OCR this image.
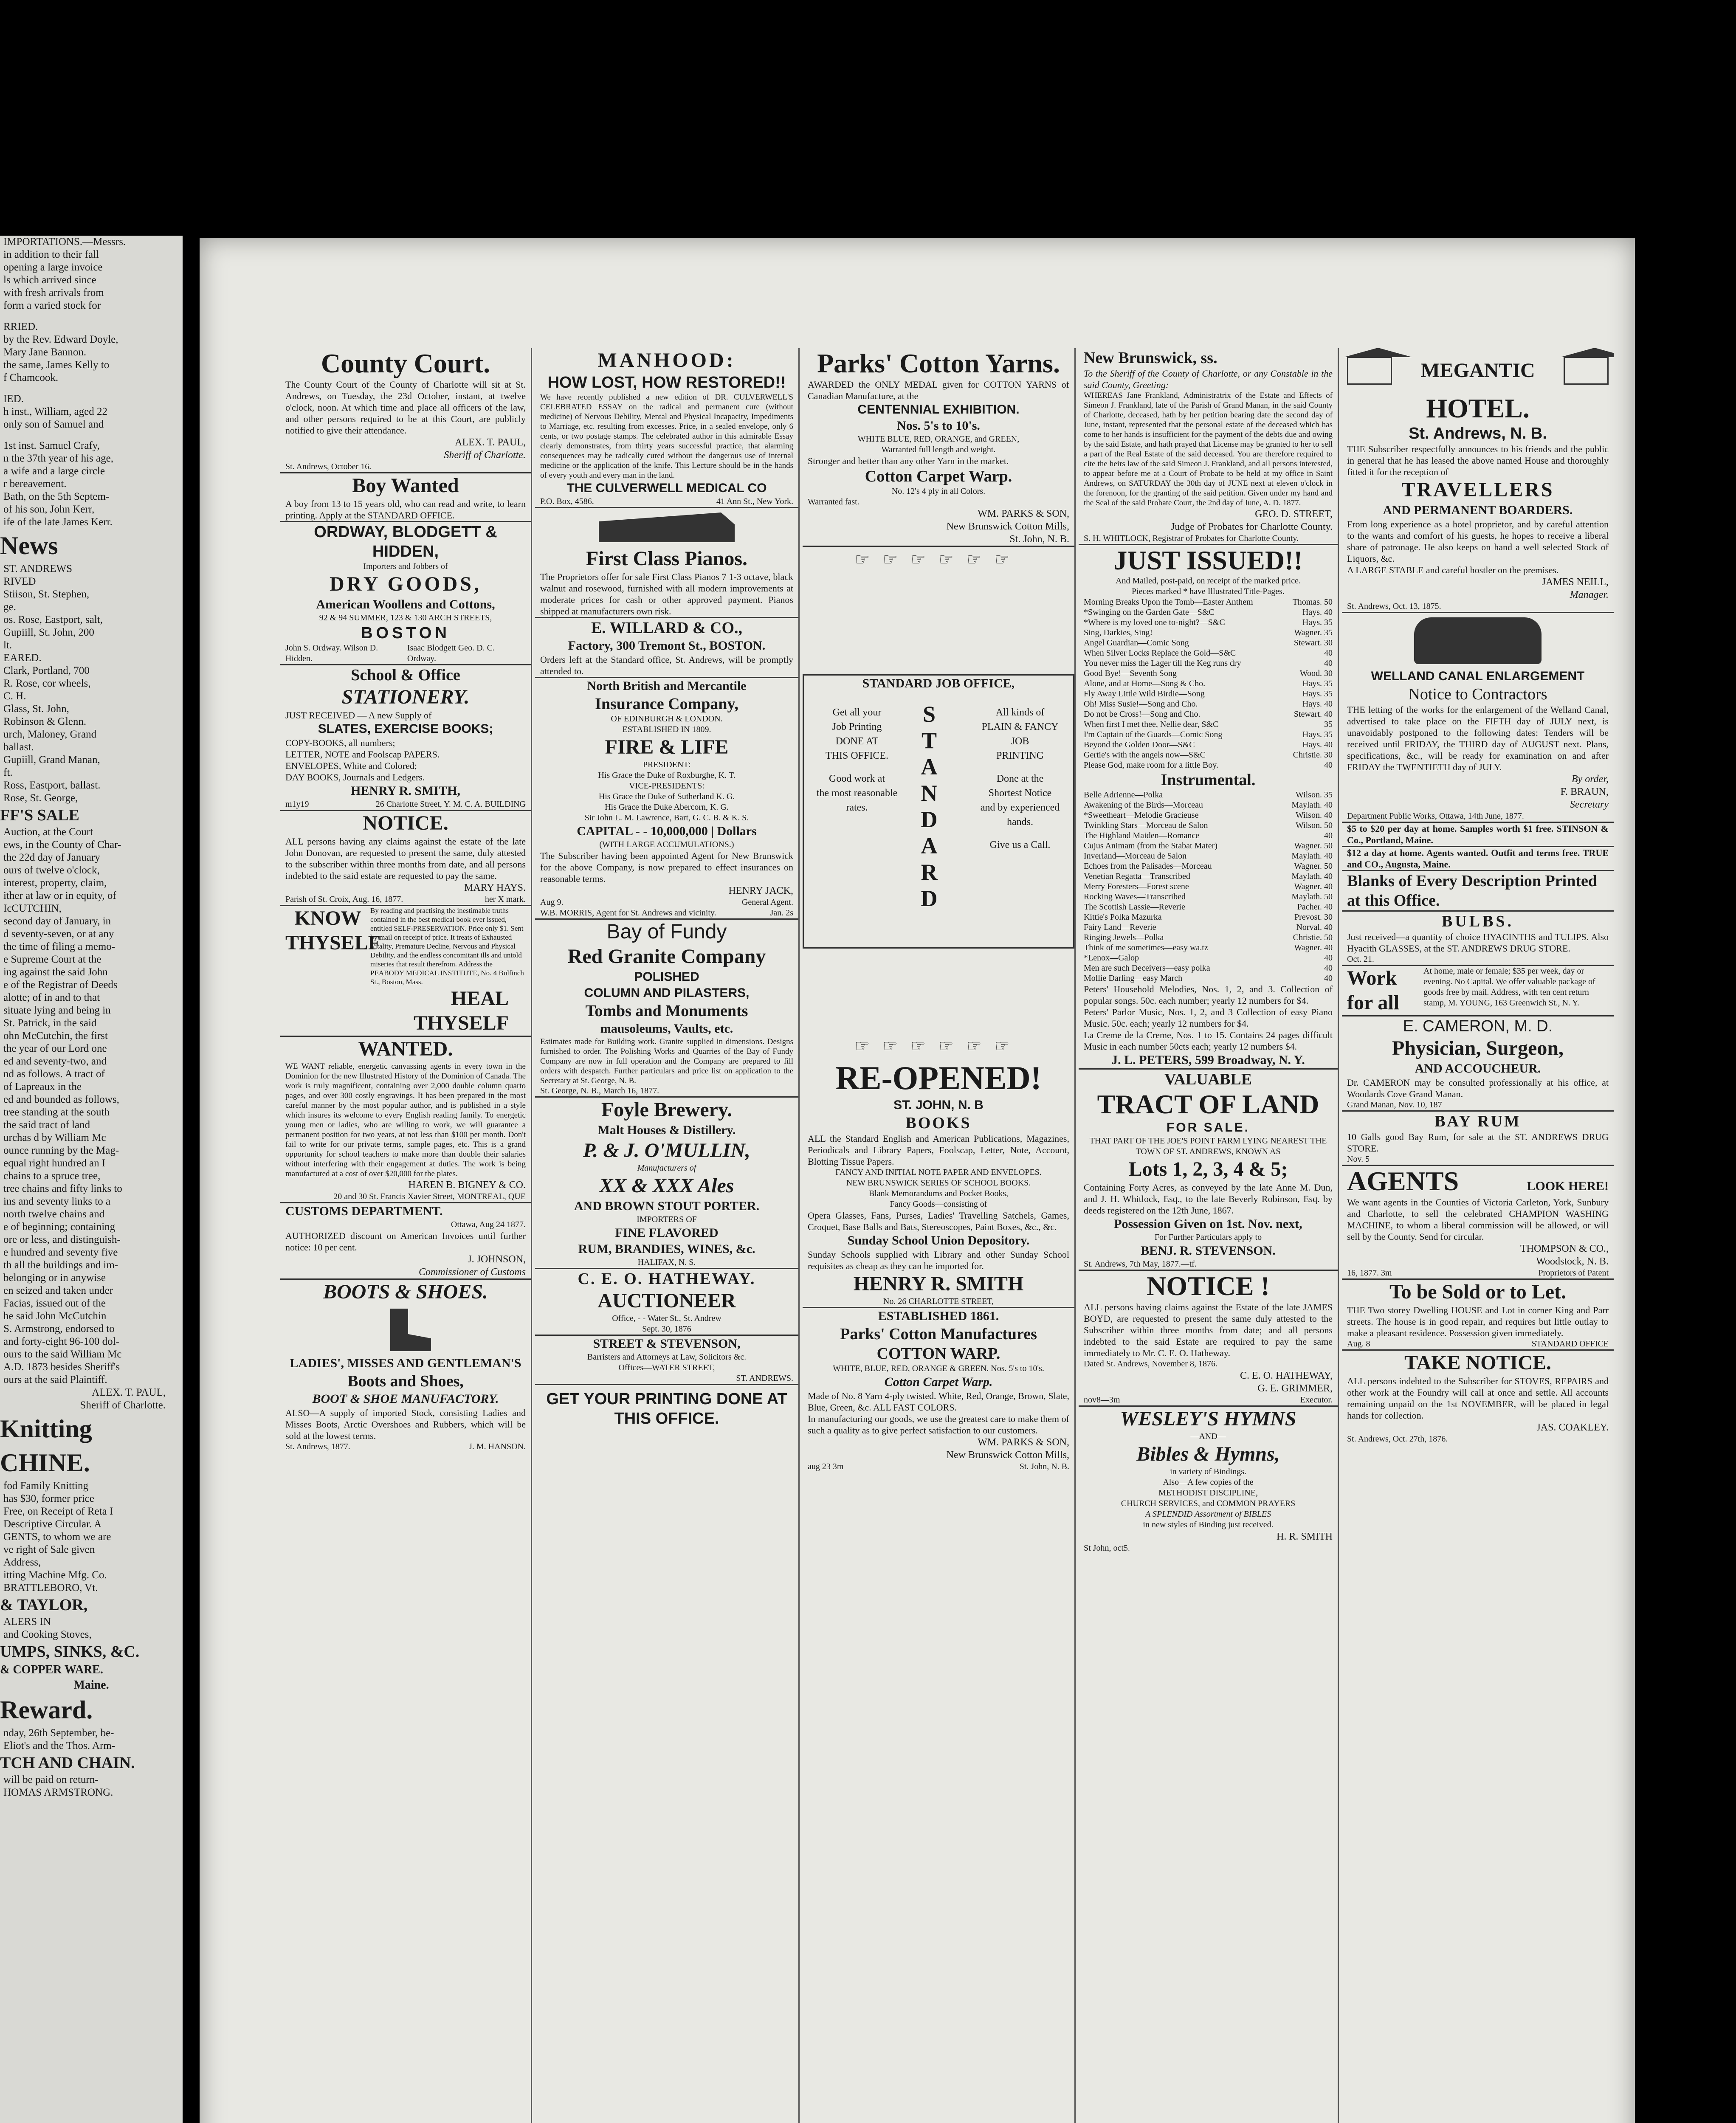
IMPORTATIONS.—Messrs.
in addition to their fall
opening a large invoice
ls which arrived since
with fresh arrivals from
form a varied stock for
RRIED.
by the Rev. Edward Doyle,
Mary Jane Bannon.
the same, James Kelly to
f Chamcook.
IED.
h inst., William, aged 22
only son of Samuel and
1st inst. Samuel Crafy,
n the 37th year of his age,
a wife and a large circle
r bereavement.
Bath, on the 5th Septem-
of his son, John Kerr,
ife of the late James Kerr.
News
ST. ANDREWS
RIVED
Stiison, St. Stephen,
ge.
os. Rose, Eastport, salt,
Gupiill, St. John, 200
lt.
EARED.
Clark, Portland, 700
R. Rose, cor wheels,
C. H.
Glass, St. John,
Robinson & Glenn.
urch, Maloney, Grand
ballast.
Gupiill, Grand Manan,
ft.
Ross, Eastport, ballast.
Rose, St. George,
FF'S SALE
Auction, at the Court
ews, in the County of Char-
the 22d day of January
ours of twelve o'clock,
interest, property, claim,
ither at law or in equity, of
IcCUTCHIN,
second day of January, in
d seventy-seven, or at any
the time of filing a memo-
e Supreme Court at the
ing against the said John
e of the Registrar of Deeds
alotte; of in and to that
situate lying and being in
St. Patrick, in the said
ohn McCutchin, the first
the year of our Lord one
ed and seventy-two, and
nd as follows. A tract of
of Lapreaux in the
ed and bounded as follows,
tree standing at the south
the said tract of land
urchas d by William Mc
ounce running by the Mag-
equal right hundred an I
chains to a spruce tree,
tree chains and fifty links to
ins and seventy links to a
north twelve chains and
e of beginning; containing
ore or less, and distinguish-
e hundred and seventy five
th all the buildings and im-
belonging or in anywise
en seized and taken under
Facias, issued out of the
he said John McCutchin
S. Armstrong, endorsed to
and forty-eight 96-100 dol-
ours to the said William Mc
A.D. 1873 besides Sheriff's
ours at the said Plaintiff.
ALEX. T. PAUL,
Sheriff of Charlotte.
Knitting
CHINE.
fod Family Knitting
has $30, former price
Free, on Receipt of Reta I
Descriptive Circular. A
GENTS, to whom we are
ve right of Sale given
Address,
itting Machine Mfg. Co.
BRATTLEBORO, Vt.
& TAYLOR,
ALERS IN
and Cooking Stoves,
UMPS, SINKS, &C.
& COPPER WARE.
Maine.
Reward.
nday, 26th September, be-
Eliot's and the Thos. Arm-
TCH AND CHAIN.
will be paid on return-
HOMAS ARMSTRONG.
County Court.
The County Court of the County of Charlotte will sit at St. Andrews, on Tuesday, the 23d October, instant, at twelve o'clock, noon. At which time and place all officers of the law, and other persons required to be at this Court, are publicly notified to give their attendance.
ALEX. T. PAUL,
Sheriff of Charlotte.
St. Andrews, October 16.
Boy Wanted
A boy from 13 to 15 years old, who can read and write, to learn printing. Apply at the STANDARD OFFICE.
ORDWAY, BLODGETT & HIDDEN,
Importers and Jobbers of
DRY GOODS,
American Woollens and Cottons,
92 & 94 SUMMER, 123 & 130 ARCH STREETS,
BOSTON
John S. Ordway. Wilson D. Hidden.
Isaac Blodgett Geo. D. C. Ordway.
School & Office
STATIONERY.
JUST RECEIVED — A new Supply of
SLATES, EXERCISE BOOKS;
COPY-BOOKS, all numbers;
LETTER, NOTE and Foolscap PAPERS.
ENVELOPES, White and Colored;
DAY BOOKS, Journals and Ledgers.
HENRY R. SMITH,
m1y19	26 Charlotte Street, Y. M. C. A. BUILDING
NOTICE.
ALL persons having any claims against the estate of the late John Donovan, are requested to present the same, duly attested to the subscriber within three months from date, and all persons indebted to the said estate are requested to pay the same.
MARY HAYS.
Parish of St. Croix, Aug. 16, 1877.	her X mark.
KNOW
THYSELF
By reading and practising the inestimable truths contained in the best medical book ever issued, entitled SELF-PRESERVATION. Price only $1. Sent by mail on receipt of price. It treats of Exhausted Vitality, Premature Decline, Nervous and Physical Debility, and the endless concomitant ills and untold miseries that result therefrom. Address the PEABODY MEDICAL INSTITUTE, No. 4 Bulfinch St., Boston, Mass.
HEAL
THYSELF
WANTED.
WE WANT reliable, energetic canvassing agents in every town in the Dominion for the new Illustrated History of the Dominion of Canada. The work is truly magnificent, containing over 2,000 double column quarto pages, and over 300 costly engravings. It has been prepared in the most careful manner by the most popular author, and is published in a style which insures its welcome to every English reading family. To energetic young men or ladies, who are willing to work, we will guarantee a permanent position for two years, at not less than $100 per month. Don't fail to write for our private terms, sample pages, etc. This is a grand opportunity for school teachers to make more than double their salaries without interfering with their engagement at duties. The work is being manufactured at a cost of over $20,000 for the plates.
HAREN B. BIGNEY & CO.
20 and 30 St. Francis Xavier Street, MONTREAL, QUE
CUSTOMS DEPARTMENT.
Ottawa, Aug 24 1877.
AUTHORIZED discount on American Invoices until further notice: 10 per cent.
J. JOHNSON,
Commissioner of Customs
BOOTS & SHOES.
LADIES', MISSES AND GENTLEMAN'S
Boots and Shoes,
BOOT & SHOE MANUFACTORY.
ALSO—A supply of imported Stock, consisting Ladies and Misses Boots, Arctic Overshoes and Rubbers, which will be sold at the lowest terms.
St. Andrews, 1877.	J. M. HANSON.
MANHOOD:
HOW LOST, HOW RESTORED!!
We have recently published a new edition of DR. CULVERWELL'S CELEBRATED ESSAY on the radical and permanent cure (without medicine) of Nervous Debility, Mental and Physical Incapacity, Impediments to Marriage, etc. resulting from excesses. Price, in a sealed envelope, only 6 cents, or two postage stamps. The celebrated author in this admirable Essay clearly demonstrates, from thirty years successful practice, that alarming consequences may be radically cured without the dangerous use of internal medicine or the application of the knife. This Lecture should be in the hands of every youth and every man in the land.
THE CULVERWELL MEDICAL CO
P.O. Box, 4586.	41 Ann St., New York.
First Class Pianos.
The Proprietors offer for sale First Class Pianos 7 1-3 octave, black walnut and rosewood, furnished with all modern improvements at moderate prices for cash or other approved payment. Pianos shipped at manufacturers own risk.
E. WILLARD & CO.,
Factory, 300 Tremont St., BOSTON.
Orders left at the Standard office, St. Andrews, will be promptly attended to.
North British and Mercantile
Insurance Company,
OF EDINBURGH & LONDON.
ESTABLISHED IN 1809.
FIRE & LIFE
PRESIDENT:
His Grace the Duke of Roxburghe, K. T.
VICE-PRESIDENTS:
His Grace the Duke of Sutherland K. G.
His Grace the Duke Abercorn, K. G.
Sir John L. M. Lawrence, Bart, G. C. B. & K. S.
CAPITAL - - 10,000,000 | Dollars
(WITH LARGE ACCUMULATIONS.)
The Subscriber having been appointed Agent for New Brunswick for the above Company, is now prepared to effect insurances on reasonable terms.
HENRY JACK,
Aug 9.	General Agent.
W.B. MORRIS, Agent for St. Andrews and vicinity.	Jan. 2s
Bay of Fundy
Red Granite Company
POLISHED
COLUMN AND PILASTERS,
Tombs and Monuments
mausoleums, Vaults, etc.
Estimates made for Building work. Granite supplied in dimensions. Designs furnished to order. The Polishing Works and Quarries of the Bay of Fundy Company are now in full operation and the Company are prepared to fill orders with despatch. Further particulars and price list on application to the Secretary at St. George, N. B.
St. George, N. B., March 16, 1877.
Foyle Brewery.
Malt Houses & Distillery.
P. & J. O'MULLIN,
Manufacturers of
XX & XXX Ales
AND BROWN STOUT PORTER.
IMPORTERS OF
FINE FLAVORED
RUM, BRANDIES, WINES, &c.
HALIFAX, N. S.
C. E. O. HATHEWAY.
AUCTIONEER
Office, - - Water St., St. Andrew
Sept. 30, 1876
STREET & STEVENSON,
Barristers and Attorneys at Law, Solicitors &c.
Offices—WATER STREET,
ST. ANDREWS.
GET YOUR PRINTING DONE AT THIS OFFICE.
Parks' Cotton Yarns.
AWARDED the ONLY MEDAL given for COTTON YARNS of Canadian Manufacture, at the
CENTENNIAL EXHIBITION.
Nos. 5's to 10's.
WHITE BLUE, RED, ORANGE, and GREEN,
Warranted full length and weight.
Stronger and better than any other Yarn in the market.
Cotton Carpet Warp.
No. 12's 4 ply in all Colors.
Warranted fast.
WM. PARKS & SON,
New Brunswick Cotton Mills,
St. John, N. B.
☞☞☞☞☞☞
STANDARD JOB OFFICE,
Get all your
Job Printing
DONE AT
THIS OFFICE.
Good work at
the most reasonable rates.
S
T
A
N
D
A
R
D
All kinds of
PLAIN & FANCY
JOB
PRINTING
Done at the
Shortest Notice
and by experienced hands.
Give us a Call.
☞☞☞☞☞☞
RE-OPENED!
ST. JOHN, N. B
BOOKS
ALL the Standard English and American Publications, Magazines, Periodicals and Library Papers, Foolscap, Letter, Note, Account, Blotting Tissue Papers.
FANCY AND INITIAL NOTE PAPER AND ENVELOPES.
NEW BRUNSWICK SERIES OF SCHOOL BOOKS.
Blank Memorandums and Pocket Books,
Fancy Goods—consisting of
Opera Glasses, Fans, Purses, Ladies' Travelling Satchels, Games, Croquet, Base Balls and Bats, Stereoscopes, Paint Boxes, &c., &c.
Sunday School Union Depository.
Sunday Schools supplied with Library and other Sunday School requisites as cheap as they can be imported for.
HENRY R. SMITH
No. 26 CHARLOTTE STREET,
ESTABLISHED 1861.
Parks' Cotton Manufactures
COTTON WARP.
WHITE, BLUE, RED, ORANGE & GREEN. Nos. 5's to 10's.
Cotton Carpet Warp.
Made of No. 8 Yarn 4-ply twisted. White, Red, Orange, Brown, Slate, Blue, Green, &c. ALL FAST COLORS.
In manufacturing our goods, we use the greatest care to make them of such a quality as to give perfect satisfaction to our customers.
WM. PARKS & SON,
New Brunswick Cotton Mills,
aug 23 3m	St. John, N. B.
New Brunswick, ss.
To the Sheriff of the County of Charlotte, or any Constable in the said County, Greeting:
WHEREAS Jane Frankland, Administratrix of the Estate and Effects of Simeon J. Frankland, late of the Parish of Grand Manan, in the said County of Charlotte, deceased, hath by her petition bearing date the second day of June, instant, represented that the personal estate of the deceased which has come to her hands is insufficient for the payment of the debts due and owing by the said Estate, and hath prayed that License may be granted to her to sell a part of the Real Estate of the said deceased. You are therefore required to cite the heirs law of the said Simeon J. Frankland, and all persons interested, to appear before me at a Court of Probate to be held at my office in Saint Andrews, on SATURDAY the 30th day of JUNE next at eleven o'clock in the forenoon, for the granting of the said petition. Given under my hand and the Seal of the said Probate Court, the 2nd day of June, A. D. 1877.
GEO. D. STREET,
Judge of Probates for Charlotte County.
S. H. WHITLOCK, Registrar of Probates for Charlotte County.
JUST ISSUED!!
And Mailed, post-paid, on receipt of the marked price.
Pieces marked * have Illustrated Title-Pages.
Morning Breaks Upon the Tomb—Easter Anthem	Thomas. 50
*Swinging on the Garden Gate—S&C	Hays. 40
*Where is my loved one to-night?—S&C	Hays. 35
Sing, Darkies, Sing!	Wagner. 35
Angel Guardian—Comic Song	Stewart. 30
When Silver Locks Replace the Gold—S&C	40
You never miss the Lager till the Keg runs dry	40
Good Bye!—Seventh Song	Wood. 30
Alone, and at Home—Song & Cho.	Hays. 35
Fly Away Little Wild Birdie—Song	Hays. 35
Oh! Miss Susie!—Song and Cho.	Hays. 40
Do not be Cross!—Song and Cho.	Stewart. 40
When first I met thee, Nellie dear, S&C	35
I'm Captain of the Guards—Comic Song	Hays. 35
Beyond the Golden Door—S&C	Hays. 40
Gertie's with the angels now—S&C	Christie. 30
Please God, make room for a little Boy.	40
Instrumental.
Belle Adrienne—Polka	Wilson. 35
Awakening of the Birds—Morceau	Maylath. 40
*Sweetheart—Melodie Gracieuse	Wilson. 40
Twinkling Stars—Morceau de Salon	Wilson. 50
The Highland Maiden—Romance	40
Cujus Animam (from the Stabat Mater)	Wagner. 50
Inverland—Morceau de Salon	Maylath. 40
Echoes from the Palisades—Morceau	Wagner. 50
Venetian Regatta—Transcribed	Maylath. 40
Merry Foresters—Forest scene	Wagner. 40
Rocking Waves—Transcribed	Maylath. 50
The Scottish Lassie—Reverie	Pacher. 40
Kittie's Polka Mazurka	Prevost. 30
Fairy Land—Reverie	Norval. 40
Ringing Jewels—Polka	Christie. 50
Think of me sometimes—easy wa.tz	Wagner. 40
*Lenox—Galop	40
Men are such Deceivers—easy polka	40
Mollie Darling—easy March	40
Peters' Household Melodies, Nos. 1, 2, and 3. Collection of popular songs. 50c. each number; yearly 12 numbers for $4.
Peters' Parlor Music, Nos. 1, 2, and 3 Collection of easy Piano Music. 50c. each; yearly 12 numbers for $4.
La Creme de la Creme, Nos. 1 to 15. Contains 24 pages difficult Music in each number 50cts each; yearly 12 numbers $4.
J. L. PETERS, 599 Broadway, N. Y.
VALUABLE
TRACT OF LAND
FOR SALE.
THAT PART OF THE JOE'S POINT FARM LYING NEAREST THE TOWN OF ST. ANDREWS, KNOWN AS
Lots 1, 2, 3, 4 & 5;
Containing Forty Acres, as conveyed by the late Anne M. Dun, and J. H. Whitlock, Esq., to the late Beverly Robinson, Esq. by deeds registered on the 12th June, 1867.
Possession Given on 1st. Nov. next,
For Further Particulars apply to
BENJ. R. STEVENSON.
St. Andrews, 7th May, 1877.—tf.
NOTICE !
ALL persons having claims against the Estate of the late JAMES BOYD, are requested to present the same duly attested to the Subscriber within three months from date; and all persons indebted to the said Estate are required to pay the same immediately to Mr. C. E. O. Hatheway.
Dated St. Andrews, November 8, 1876.
C. E. O. HATHEWAY,
G. E. GRIMMER,
nov8—3m	Executor.
WESLEY'S HYMNS
—AND—
Bibles & Hymns,
in variety of Bindings.
Also—A few copies of the
METHODIST DISCIPLINE,
CHURCH SERVICES, and COMMON PRAYERS
A SPLENDID Assortment of BIBLES
in new styles of Binding just received.
H. R. SMITH
St John, oct5.
MEGANTIC
HOTEL.
St. Andrews, N. B.
THE Subscriber respectfully announces to his friends and the public in general that he has leased the above named House and thoroughly fitted it for the reception of
TRAVELLERS
AND PERMANENT BOARDERS.
From long experience as a hotel proprietor, and by careful attention to the wants and comfort of his guests, he hopes to receive a liberal share of patronage. He also keeps on hand a well selected Stock of Liquors, &c.
A LARGE STABLE and careful hostler on the premises.
JAMES NEILL,
Manager.
St. Andrews, Oct. 13, 1875.
WELLAND CANAL ENLARGEMENT
Notice to Contractors
THE letting of the works for the enlargement of the Welland Canal, advertised to take place on the FIFTH day of JULY next, is unavoidably postponed to the following dates: Tenders will be received until FRIDAY, the THIRD day of AUGUST next. Plans, specifications, &c., will be ready for examination on and after FRIDAY the TWENTIETH day of JULY.
By order,
F. BRAUN,
Secretary
Department Public Works, Ottawa, 14th June, 1877.
$5 to $20 per day at home. Samples worth $1 free. STINSON & Co., Portland, Maine.
$12 a day at home. Agents wanted. Outfit and terms free. TRUE and CO., Augusta, Maine.
Blanks of Every Description Printed at this Office.
BULBS.
Just received—a quantity of choice HYACINTHS and TULIPS. Also Hyacith GLASSES, at the ST. ANDREWS DRUG STORE.
Oct. 21.
Work for all
At home, male or female; $35 per week, day or evening. No Capital. We offer valuable package of goods free by mail. Address, with ten cent return stamp, M. YOUNG, 163 Greenwich St., N. Y.
E. CAMERON, M. D.
Physician, Surgeon,
AND ACCOUCHEUR.
Dr. CAMERON may be consulted professionally at his office, at Woodards Cove Grand Manan.
Grand Manan, Nov. 10, 187
BAY RUM
10 Galls good Bay Rum, for sale at the ST. ANDREWS DRUG STORE.
Nov. 5
AGENTS	LOOK HERE!
We want agents in the Counties of Victoria Carleton, York, Sunbury and Charlotte, to sell the celebrated CHAMPION WASHING MACHINE, to whom a liberal commission will be allowed, or will sell by the County. Send for circular.
THOMPSON & CO.,
Woodstock, N. B.
16, 1877. 3m	Proprietors of Patent
To be Sold or to Let.
THE Two storey Dwelling HOUSE and Lot in corner King and Parr streets. The house is in good repair, and requires but little outlay to make a pleasant residence. Possession given immediately.
Aug. 8	STANDARD OFFICE
TAKE NOTICE.
ALL persons indebted to the Subscriber for STOVES, REPAIRS and other work at the Foundry will call at once and settle. All accounts remaining unpaid on the 1st NOVEMBER, will be placed in legal hands for collection.
JAS. COAKLEY.
St. Andrews, Oct. 27th, 1876.
